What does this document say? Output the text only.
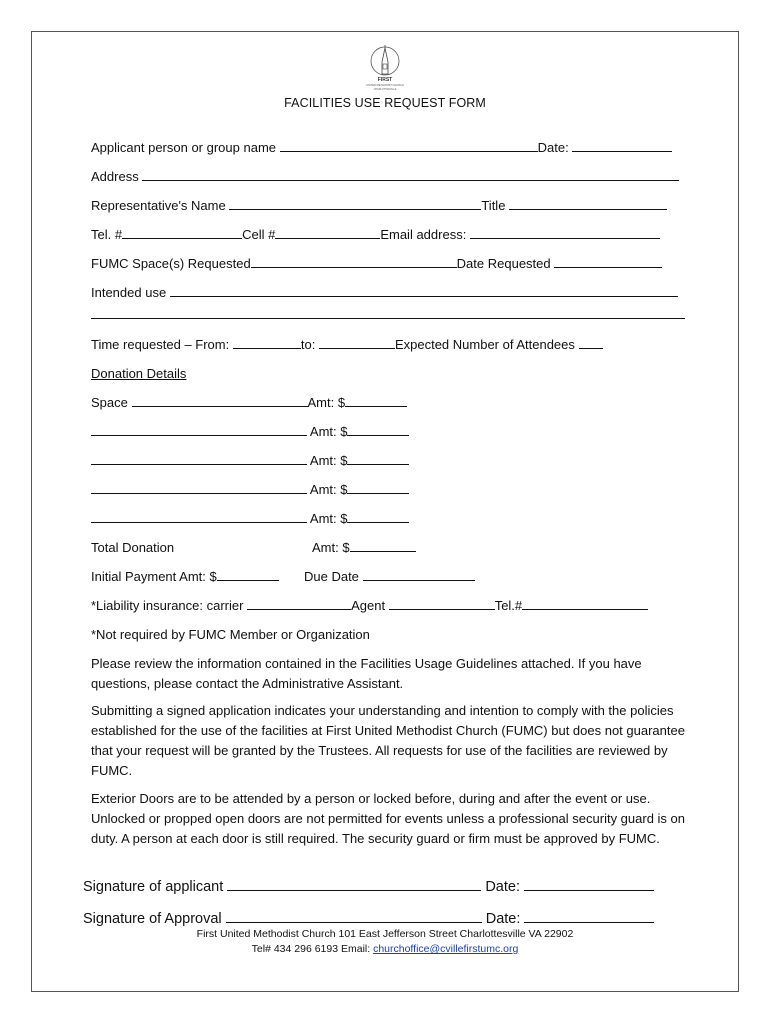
FIRST
UNITED METHODIST CHURCH
CHARLOTTESVILLE
FACILITIES USE REQUEST FORM
Applicant person or group name	Date:
Address
Representative's Name	Title
Tel. #	Cell #	Email address:
FUMC Space(s) Requested	Date Requested
Intended use
Time requested – From:	to:	Expected Number of Attendees
Donation Details
Space	Amt: $
Amt: $
Amt: $
Amt: $
Amt: $
Total Donation	Amt: $
Initial Payment Amt: $	Due Date
*Liability insurance: carrier	Agent	Tel.#
*Not required by FUMC Member or Organization
Please review the information contained in the Facilities Usage Guidelines attached. If you have questions, please contact the Administrative Assistant.
Submitting a signed application indicates your understanding and intention to comply with the policies established for the use of the facilities at First United Methodist Church (FUMC) but does not guarantee that your request will be granted by the Trustees. All requests for use of the facilities are reviewed by FUMC.
Exterior Doors are to be attended by a person or locked before, during and after the event or use. Unlocked or propped open doors are not permitted for events unless a professional security guard is on duty. A person at each door is still required. The security guard or firm must be approved by FUMC.
Signature of applicant	Date:
Signature of Approval	Date:
First United Methodist Church 101 East Jefferson Street Charlottesville VA 22902
Tel# 434 296 6193 Email: churchoffice@cvillefirstumc.org
